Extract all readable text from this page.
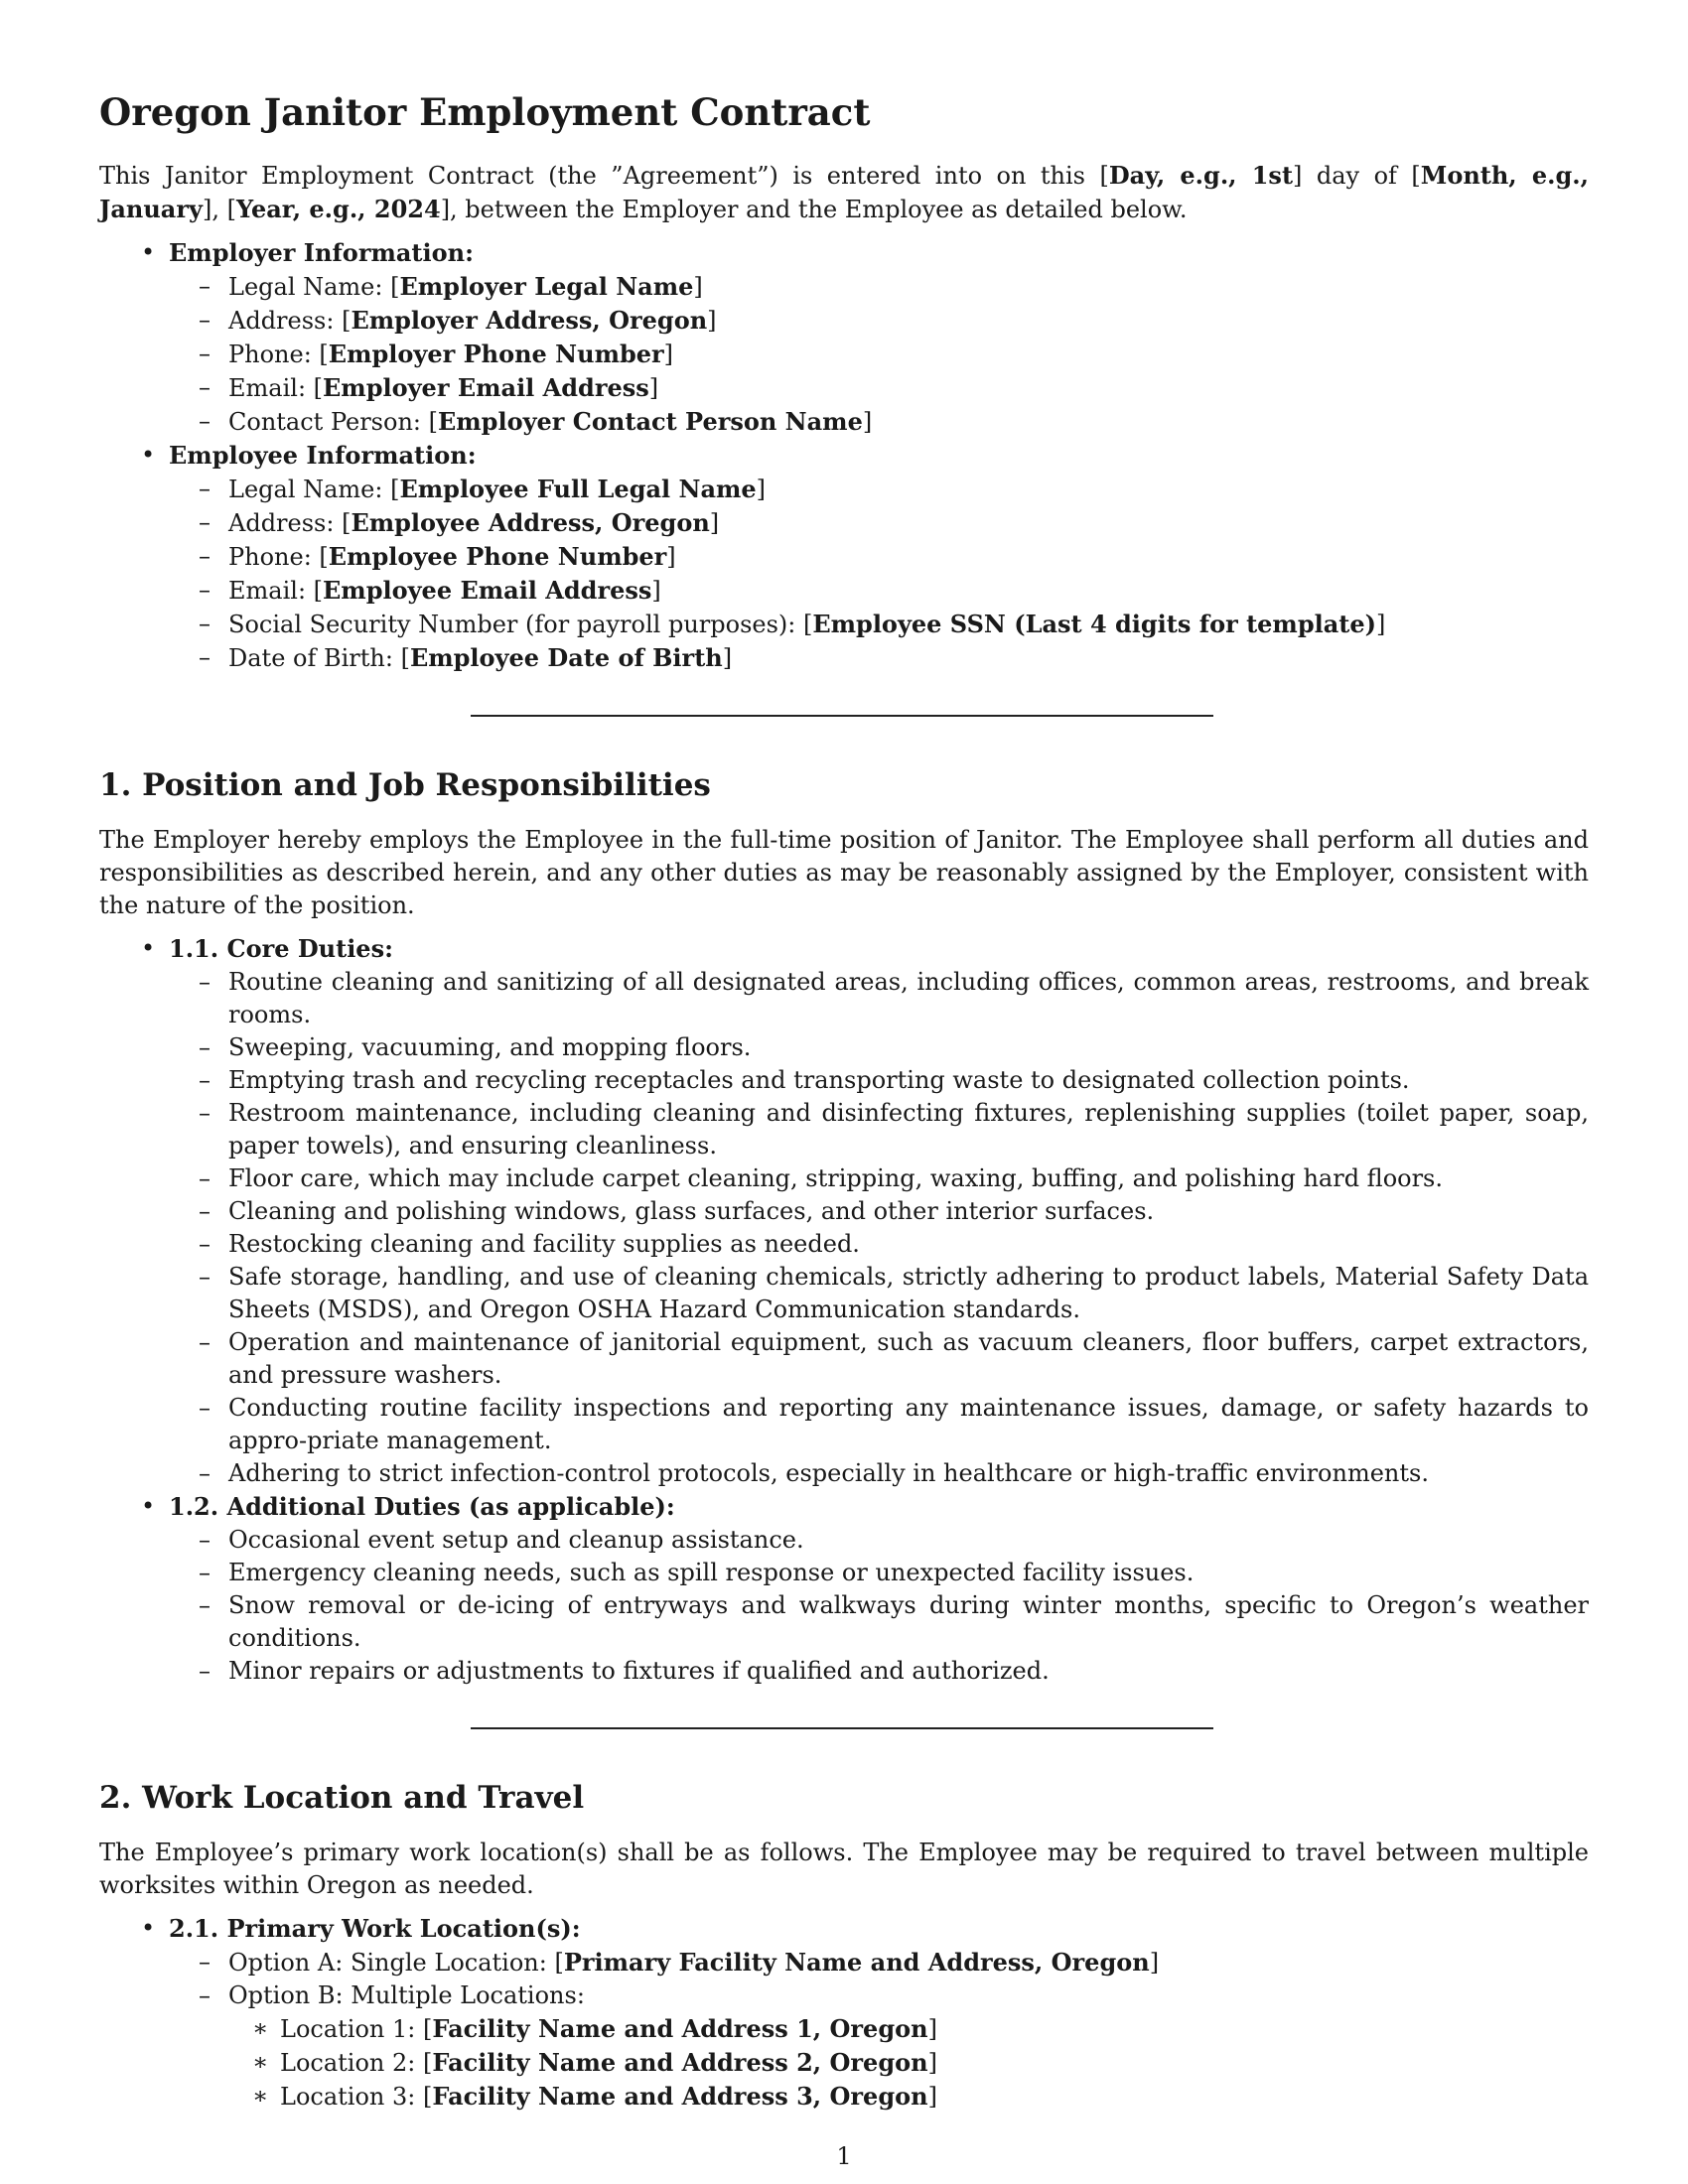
Oregon Janitor Employment Contract

This Janitor Employment Contract (the ”Agreement”) is entered into on this [Day, e.g., 1st] day of [Month, e.g., January], [Year, e.g., 2024], between the Employer and the Employee as detailed below.

• Employer Information:
– Legal Name: [Employer Legal Name]
– Address: [Employer Address, Oregon]
– Phone: [Employer Phone Number]
– Email: [Employer Email Address]
– Contact Person: [Employer Contact Person Name]
• Employee Information:
– Legal Name: [Employee Full Legal Name]
– Address: [Employee Address, Oregon]
– Phone: [Employee Phone Number]
– Email: [Employee Email Address]
– Social Security Number (for payroll purposes): [Employee SSN (Last 4 digits for template)]
– Date of Birth: [Employee Date of Birth]
1. Position and Job Responsibilities

The Employer hereby employs the Employee in the full-time position of Janitor. The Employee shall perform all duties and responsibilities as described herein, and any other duties as may be reasonably assigned by the Employer, consistent with the nature of the position.

• 1.1. Core Duties:
– Routine cleaning and sanitizing of all designated areas, including offices, common areas, restrooms, and break rooms.
– Sweeping, vacuuming, and mopping floors.
– Emptying trash and recycling receptacles and transporting waste to designated collection points.
– Restroom maintenance, including cleaning and disinfecting fixtures, replenishing supplies (toilet paper, soap, paper towels), and ensuring cleanliness.
– Floor care, which may include carpet cleaning, stripping, waxing, buffing, and polishing hard floors.
– Cleaning and polishing windows, glass surfaces, and other interior surfaces.
– Restocking cleaning and facility supplies as needed.
– Safe storage, handling, and use of cleaning chemicals, strictly adhering to product labels, Material Safety Data Sheets (MSDS), and Oregon OSHA Hazard Communication standards.
– Operation and maintenance of janitorial equipment, such as vacuum cleaners, floor buffers, carpet extractors, and pressure washers.
– Conducting routine facility inspections and reporting any maintenance issues, damage, or safety hazards to appro-priate management.
– Adhering to strict infection-control protocols, especially in healthcare or high-traffic environments.
• 1.2. Additional Duties (as applicable):
– Occasional event setup and cleanup assistance.
– Emergency cleaning needs, such as spill response or unexpected facility issues.
– Snow removal or de-icing of entryways and walkways during winter months, specific to Oregon’s weather conditions.
– Minor repairs or adjustments to fixtures if qualified and authorized.
2. Work Location and Travel

The Employee’s primary work location(s) shall be as follows. The Employee may be required to travel between multiple worksites within Oregon as needed.

• 2.1. Primary Work Location(s):
– Option A: Single Location: [Primary Facility Name and Address, Oregon]
– Option B: Multiple Locations:
∗ Location 1: [Facility Name and Address 1, Oregon]
∗ Location 2: [Facility Name and Address 2, Oregon]
∗ Location 3: [Facility Name and Address 3, Oregon]
1
